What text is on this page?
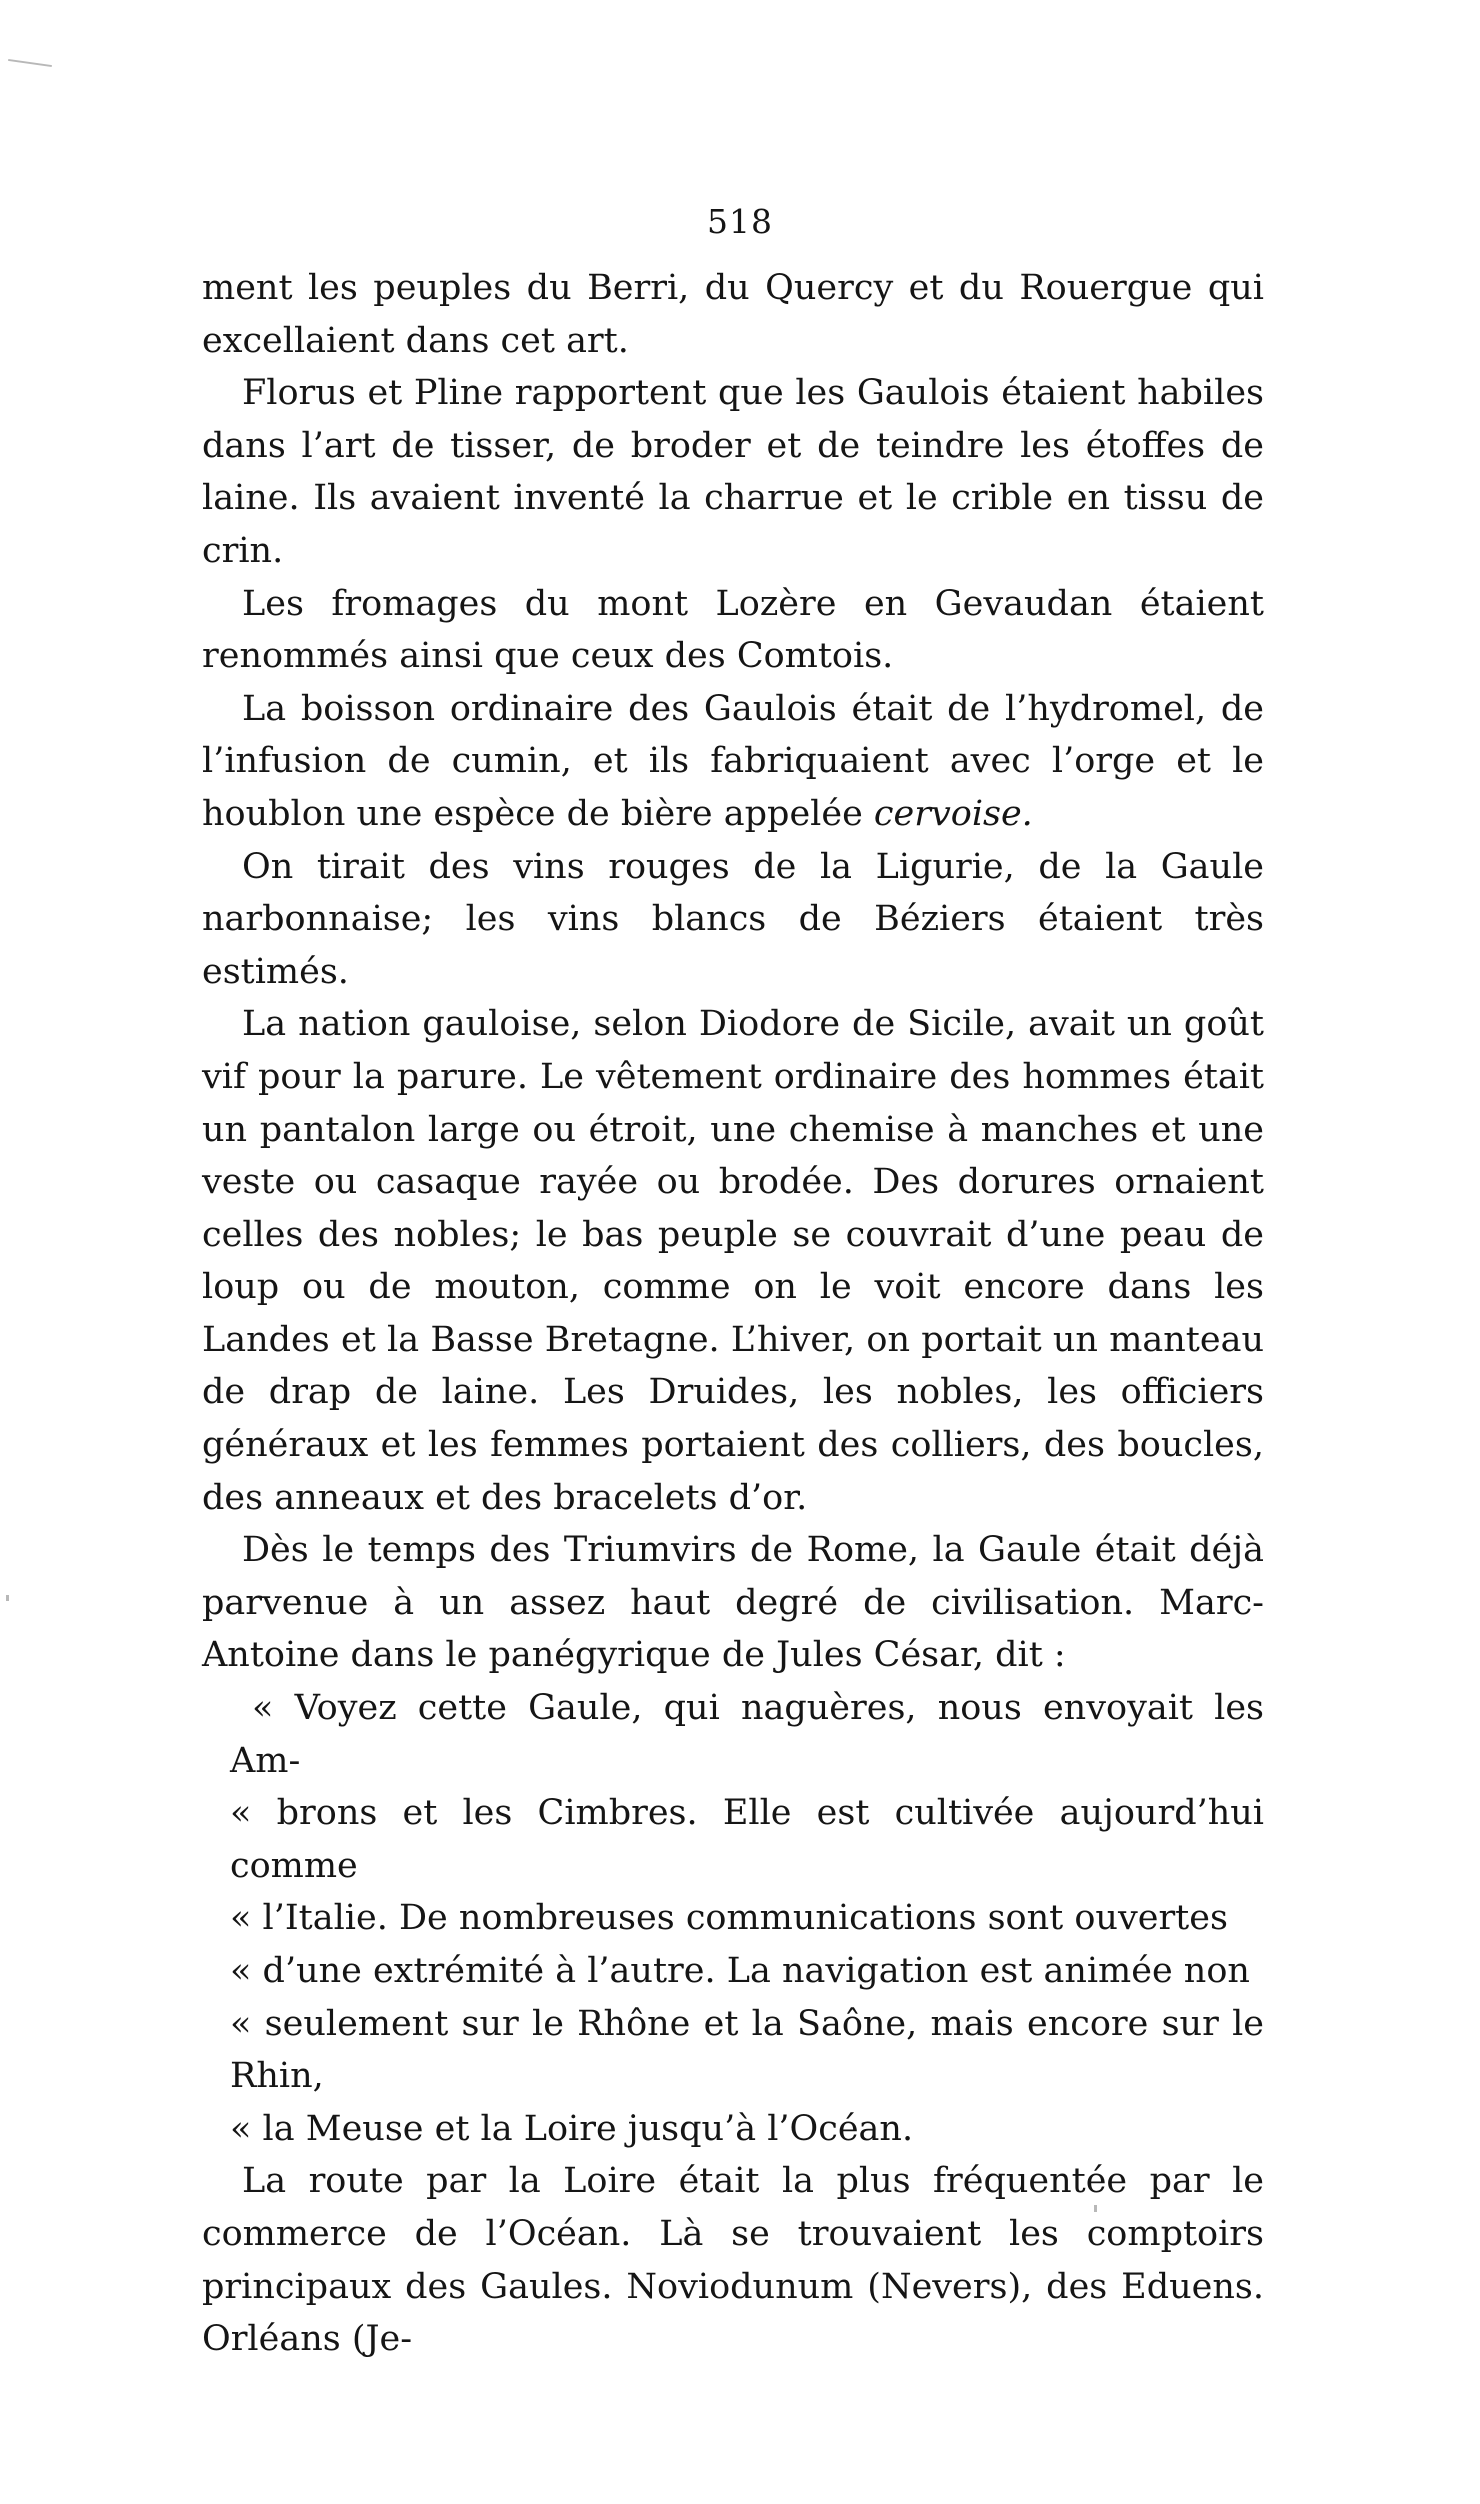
518

ment les peuples du Berri, du Quercy et du Rouergue qui excellaient dans cet art.

Florus et Pline rapportent que les Gaulois étaient habiles dans l’art de tisser, de broder et de teindre les étoffes de laine. Ils avaient inventé la charrue et le crible en tissu de crin.

Les fromages du mont Lozère en Gevaudan étaient renommés ainsi que ceux des Comtois.

La boisson ordinaire des Gaulois était de l’hydromel, de l’infusion de cumin, et ils fabriquaient avec l’orge et le houblon une espèce de bière appelée cervoise.

On tirait des vins rouges de la Ligurie, de la Gaule narbonnaise; les vins blancs de Béziers étaient très estimés.

La nation gauloise, selon Diodore de Sicile, avait un goût vif pour la parure. Le vêtement ordinaire des hommes était un pantalon large ou étroit, une chemise à manches et une veste ou casaque rayée ou brodée. Des dorures ornaient celles des nobles; le bas peuple se couvrait d’une peau de loup ou de mouton, comme on le voit encore dans les Landes et la Basse Bretagne. L’hiver, on portait un manteau de drap de laine. Les Druides, les nobles, les officiers généraux et les femmes portaient des colliers, des boucles, des anneaux et des bracelets d’or.

Dès le temps des Triumvirs de Rome, la Gaule était déjà parvenue à un assez haut degré de civilisation. Marc-Antoine dans le panégyrique de Jules César, dit :

« Voyez cette Gaule, qui naguères, nous envoyait les Am-

« brons et les Cimbres. Elle est cultivée aujourd’hui comme

« l’Italie. De nombreuses communications sont ouvertes

« d’une extrémité à l’autre. La navigation est animée non

« seulement sur le Rhône et la Saône, mais encore sur le Rhin,

« la Meuse et la Loire jusqu’à l’Océan.

La route par la Loire était la plus fréquentée par le commerce de l’Océan. Là se trouvaient les comptoirs principaux des Gaules. Noviodunum (Nevers), des Eduens. Orléans (Je-
